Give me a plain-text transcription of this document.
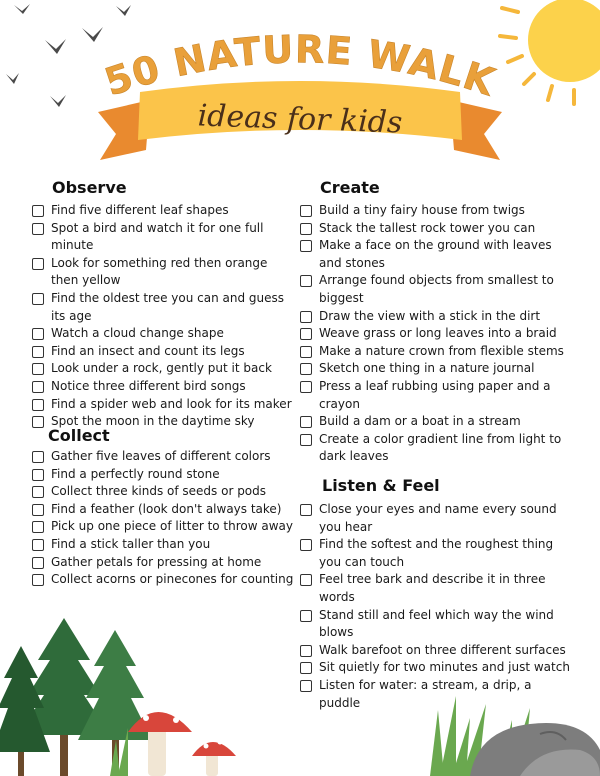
50 NATURE WALK
ideas for kids
Observe
Find five different leaf shapes
Spot a bird and watch it for one full minute
Look for something red then orange then yellow
Find the oldest tree you can and guess its age
Watch a cloud change shape
Find an insect and count its legs
Look under a rock, gently put it back
Notice three different bird songs
Find a spider web and look for its maker
Spot the moon in the daytime sky
Collect
Gather five leaves of different colors
Find a perfectly round stone
Collect three kinds of seeds or pods
Find a feather (look don't always take)
Pick up one piece of litter to throw away
Find a stick taller than you
Gather petals for pressing at home
Collect acorns or pinecones for counting
Create
Build a tiny fairy house from twigs
Stack the tallest rock tower you can
Make a face on the ground with leaves and stones
Arrange found objects from smallest to biggest
Draw the view with a stick in the dirt
Weave grass or long leaves into a braid
Make a nature crown from flexible stems
Sketch one thing in a nature journal
Press a leaf rubbing using paper and a crayon
Build a dam or a boat in a stream
Create a color gradient line from light to dark leaves
Listen & Feel
Close your eyes and name every sound you hear
Find the softest and the roughest thing you can touch
Feel tree bark and describe it in three words
Stand still and feel which way the wind blows
Walk barefoot on three different surfaces
Sit quietly for two minutes and just watch
Listen for water: a stream, a drip, a puddle
